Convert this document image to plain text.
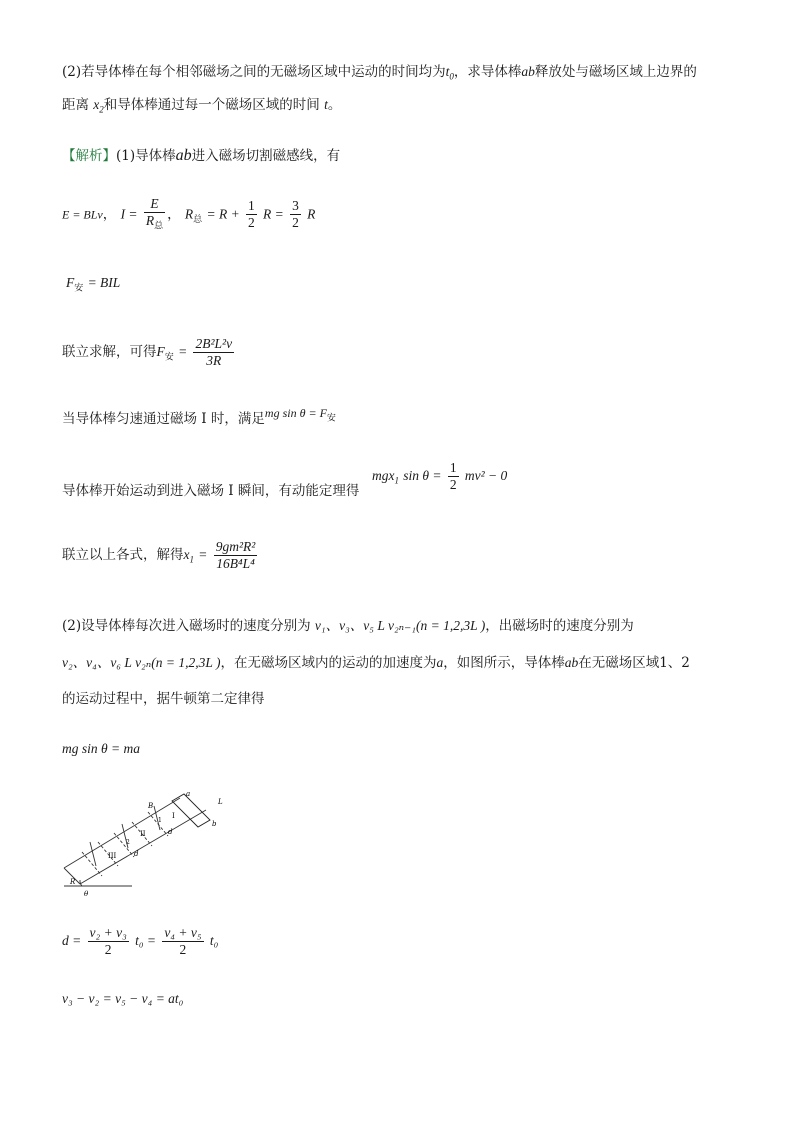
(2)若导体棒在每个相邻磁场之间的无磁场区域中运动的时间均为$t_0$，求导体棒ab释放处与磁场区域上边界的
距离 $x_2$和导体棒通过每一个磁场区域的时间 t。
【解析】(1)导体棒ab进入磁场切割磁感线，有
E = BLv， $I = \frac{E}{R_总}$ ， $R_总 = R + \frac{1}{2}$ $R = \frac{3}{2}$ R
$F_安$ = BIL
联立求解，可得$F_安 = \frac{\text{2B²L²v}}{3R}$
当导体棒匀速通过磁场 I 时，满足mg $\sin \theta = F_安$
导体棒开始运动到进入磁场 I 瞬间，有动能定理得
mgx$_1$ $\sin \theta = \frac{1}{2} mv^2 - 0$
联立以上各式，解得$x_1 = \frac{\text{9gm²R²}}{\text{16B⁴L⁴}}$
(2)设导体棒每次进入磁场时的速度分别为 v₁、v₃、v₅ L v₂ₙ₋₁(n = 1,2,3L )，出磁场时的速度分别为
v₂、v₄、v₆ L v₂ₙ(n = 1,2,3L )，在无磁场区域内的运动的加速度为a，如图所示，导体棒ab在无磁场区域1、2
的运动过程中，据牛顿第二定律得
mg sin θ = ma
B
a
b
R
θ
d
d
L
I
II
III
1
2
$d = \frac{\text{v₂ + v₃}}{2} t_0 = \frac{\text{v₄ + v₅}}{2} t_0$
v₃ − v₂ = v₅ − v₄ = at₀
